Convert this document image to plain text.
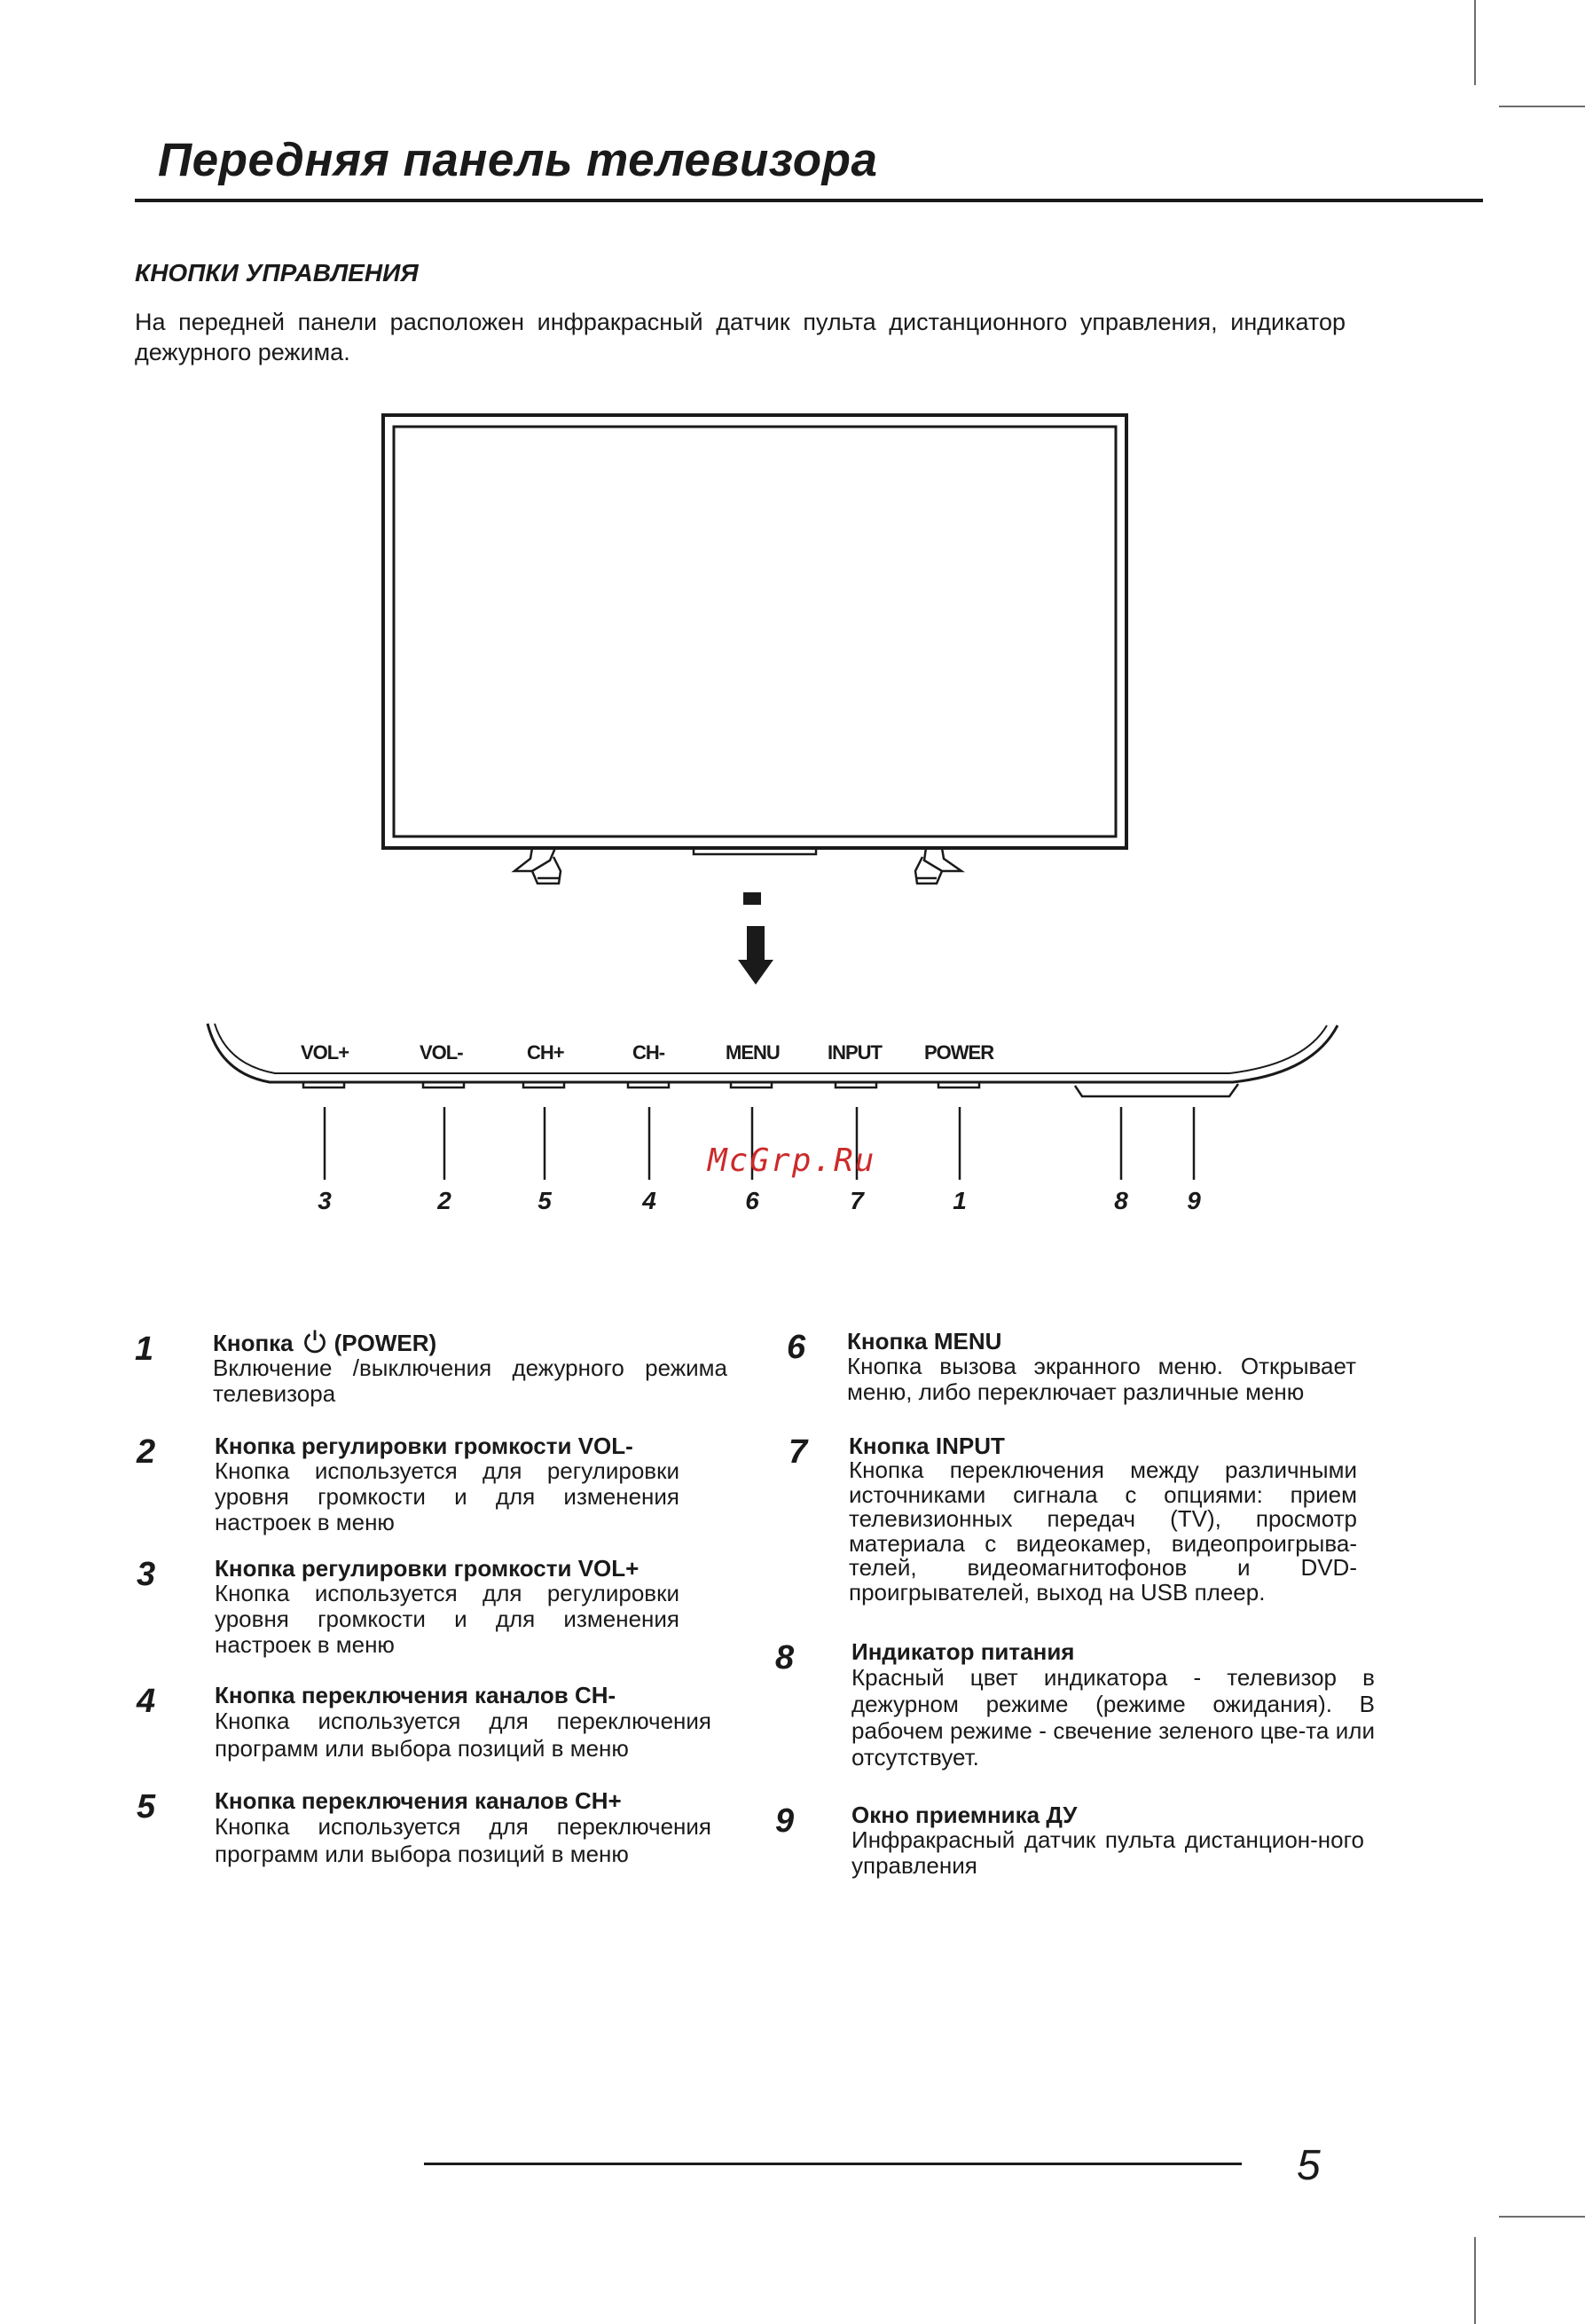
Передняя панель телевизора
КНОПКИ УПРАВЛЕНИЯ

На передней панели расположен инфракрасный датчик пульта дистанционного управления, индикатор дежурного режима.

VOL+	VOL-	CH+	CH-	MENU INPUT POWER
3	2	5	4	6	7	1	8	9
McGrp.Ru
1	Кнопка (POWER)
Включение /выключения дежурного режима телевизора
2	Кнопка регулировки громкости VOL-
Кнопка используется для регулировки уровня громкости и для изменения настроек в меню
3	Кнопка регулировки громкости VOL+
Кнопка используется для регулировки уровня громкости и для изменения настроек в меню
4	Кнопка переключения каналов CH-
Кнопка используется для переключения программ или выбора позиций в меню
5	Кнопка переключения каналов CH+
Кнопка используется для переключения программ или выбора позиций в меню
6 Кнопка MENU
Кнопка вызова экранного меню. Открывает меню, либо переключает различные меню
7 Кнопка INPUT
Кнопка переключения между различными источниками сигнала с опциями: прием телевизионных передач (TV), просмотр материала с видеокамер, видеопроигрыва-телей, видеомагнитофонов и DVD-проигрывателей, выход на USB плеер.
8 Индикатор питания
Красный цвет индикатора - телевизор в дежурном режиме (режиме ожидания). В рабочем режиме - свечение зеленого цве-та или отсутствует.
9 Окно приемника ДУ
Инфракрасный датчик пульта дистанцион-ного управления
5
